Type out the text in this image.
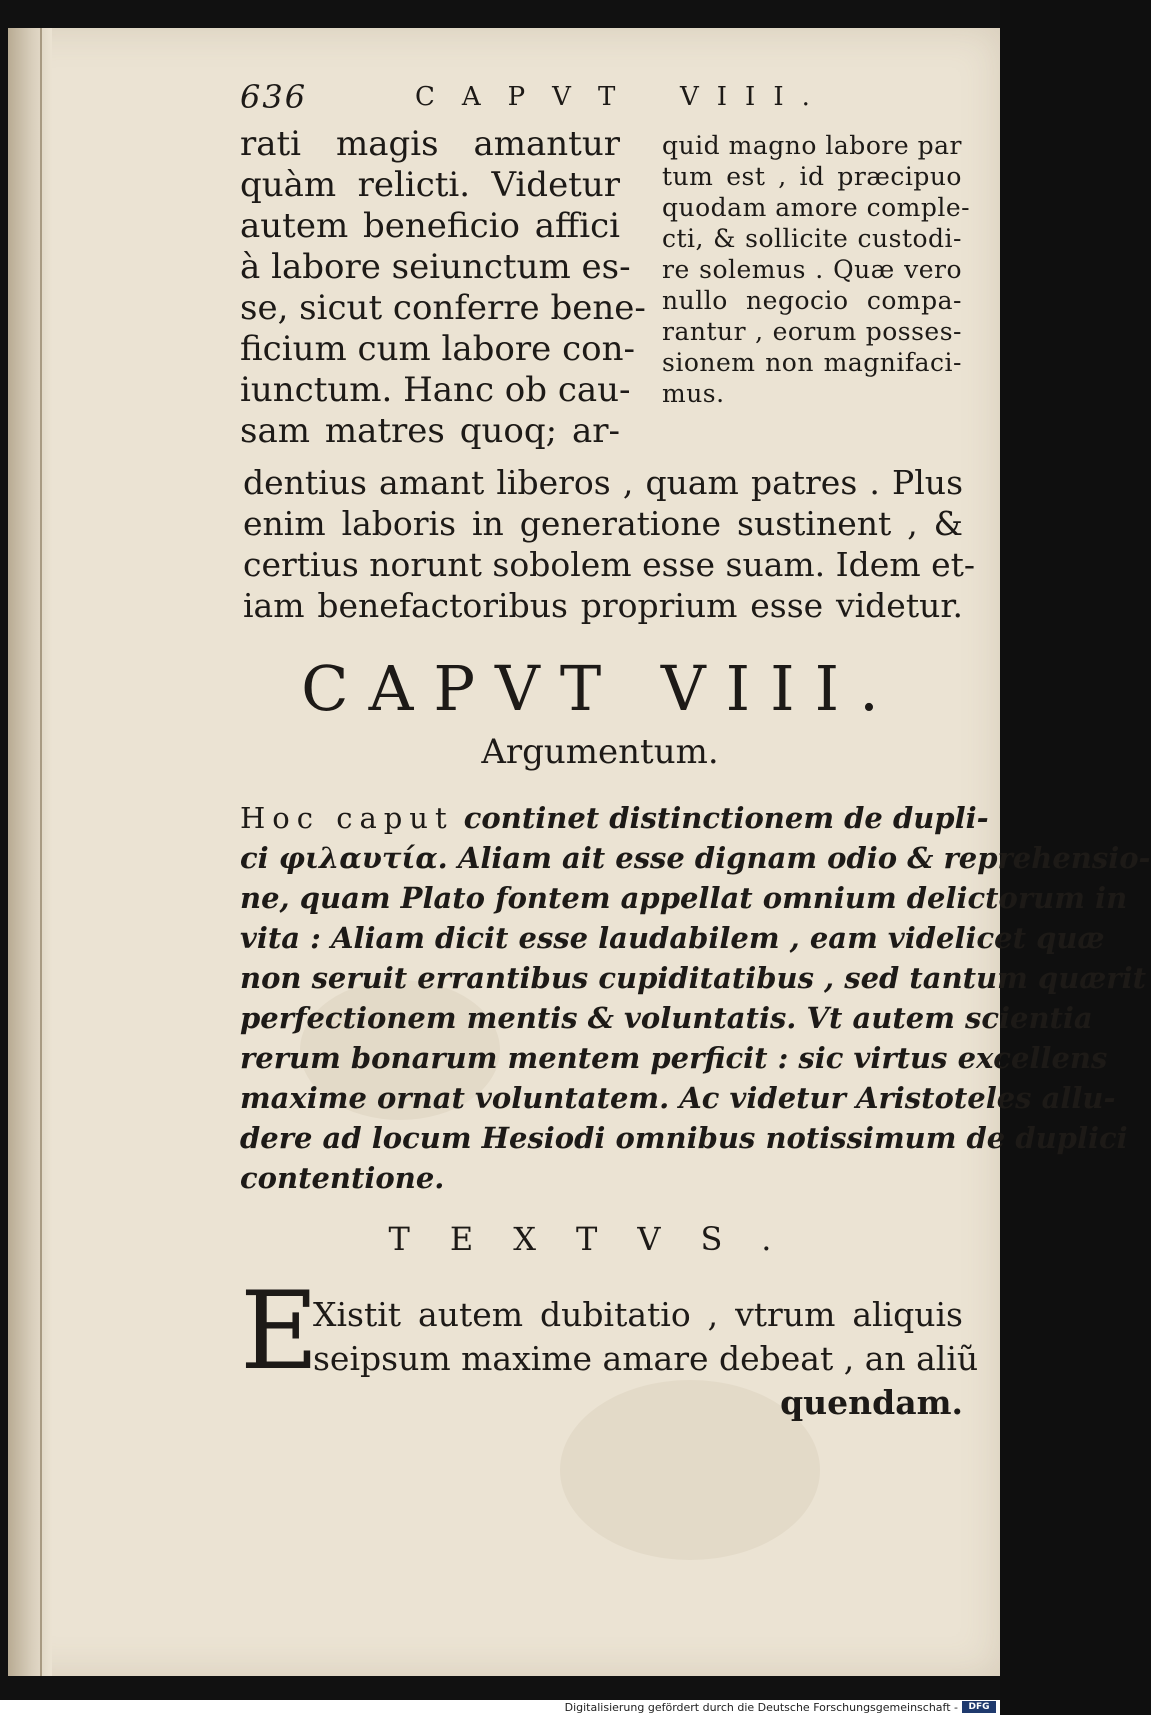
636	CAPVT VIII.
rati magis amantur
quàm relicti. Videtur
autem beneficio affici
à labore seiunctum es-
se, sicut conferre bene-
ficium cum labore con-
iunctum. Hanc ob cau-
sam matres quoq; ar-
quid magno labore par
tum est , id præcipuo
quodam amore comple-
cti, & sollicite custodi-
re solemus . Quæ vero
nullo negocio compa-
rantur , eorum posses-
sionem non magnifaci-
mus.
dentius amant liberos , quam patres . Plus
enim laboris in generatione sustinent , &
certius norunt sobolem esse suam. Idem et-
iam benefactoribus proprium esse videtur.
CAPVT VIII.
Argumentum.
Hoc caput continet distinctionem de dupli-
ci φιλαυτία. Aliam ait esse dignam odio & reprehensio-
ne, quam Plato fontem appellat omnium delictorum in
vita : Aliam dicit esse laudabilem , eam videlicet quæ
non seruit errantibus cupiditatibus , sed tantum quærit
perfectionem mentis & voluntatis. Vt autem scientia
rerum bonarum mentem perficit : sic virtus excellens
maxime ornat voluntatem. Ac videtur Aristoteles allu-
dere ad locum Hesiodi omnibus notissimum de duplici
contentione.
TEXTVS.
E
Xistit autem dubitatio , vtrum aliquis
seipsum maxime amare debeat , an aliũ
quendam.
Digitalisierung gefördert durch die Deutsche Forschungsgemeinschaft -	DFG
